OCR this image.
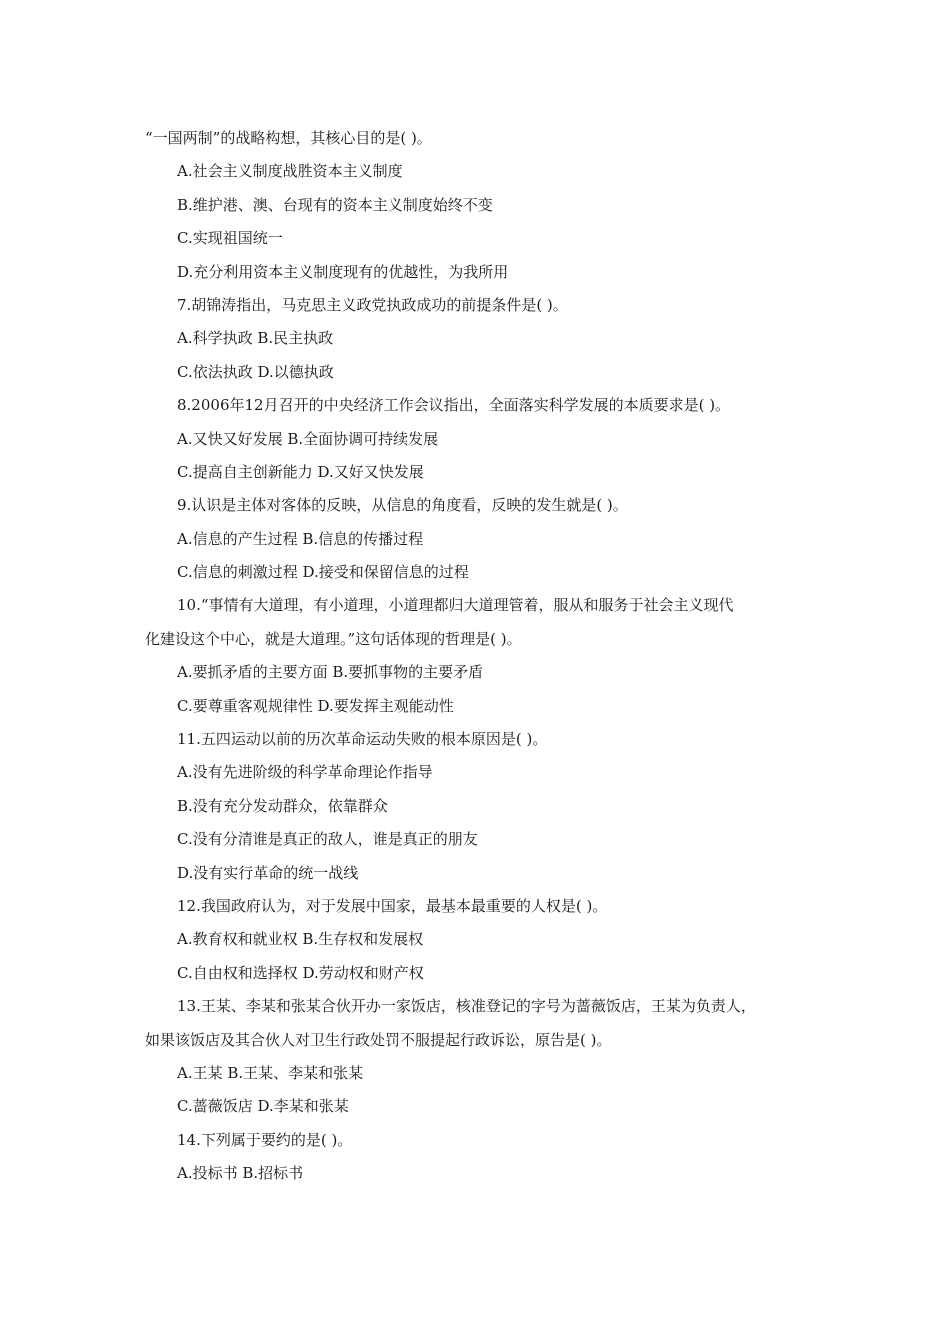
“一国两制”的战略构想，其核心目的是( )。
A.社会主义制度战胜资本主义制度
B.维护港、澳、台现有的资本主义制度始终不变
C.实现祖国统一
D.充分利用资本主义制度现有的优越性，为我所用
7.胡锦涛指出，马克思主义政党执政成功的前提条件是( )。
A.科学执政 B.民主执政
C.依法执政 D.以德执政
8.2006年12月召开的中央经济工作会议指出，全面落实科学发展的本质要求是( )。
A.又快又好发展 B.全面协调可持续发展
C.提高自主创新能力 D.又好又快发展
9.认识是主体对客体的反映，从信息的角度看，反映的发生就是( )。
A.信息的产生过程 B.信息的传播过程
C.信息的刺激过程 D.接受和保留信息的过程
10.“事情有大道理，有小道理，小道理都归大道理管着，服从和服务于社会主义现代
化建设这个中心，就是大道理。”这句话体现的哲理是( )。
A.要抓矛盾的主要方面 B.要抓事物的主要矛盾
C.要尊重客观规律性 D.要发挥主观能动性
11.五四运动以前的历次革命运动失败的根本原因是( )。
A.没有先进阶级的科学革命理论作指导
B.没有充分发动群众，依靠群众
C.没有分清谁是真正的敌人，谁是真正的朋友
D.没有实行革命的统一战线
12.我国政府认为，对于发展中国家，最基本最重要的人权是( )。
A.教育权和就业权 B.生存权和发展权
C.自由权和选择权 D.劳动权和财产权
13.王某、李某和张某合伙开办一家饭店，核准登记的字号为蔷薇饭店，王某为负责人，
如果该饭店及其合伙人对卫生行政处罚不服提起行政诉讼，原告是( )。
A.王某 B.王某、李某和张某
C.蔷薇饭店 D.李某和张某
14.下列属于要约的是( )。
A.投标书 B.招标书
